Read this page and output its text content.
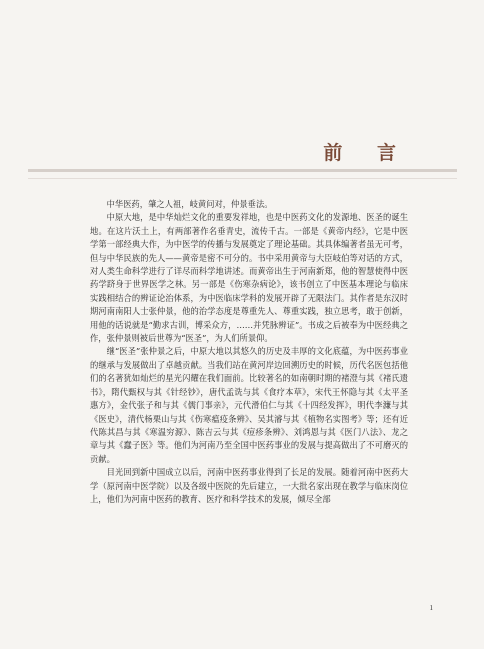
前 言

中华医药，肇之人祖，岐黄问对，仲景垂法。

中原大地，是中华灿烂文化的重要发祥地，也是中医药文化的发源地、医圣的诞生地。在这片沃土上，有两部著作名垂青史，流传千古。一部是《黄帝内经》，它是中医学第一部经典大作，为中医学的传播与发展奠定了理论基础。其具体编著者虽无可考，但与中华民族的先人——黄帝是密不可分的。书中采用黄帝与大臣岐伯等对话的方式，对人类生命科学进行了详尽而科学地讲述。而黄帝出生于河南新郑，他的智慧使得中医药学跻身于世界医学之林。另一部是《伤寒杂病论》，该书创立了中医基本理论与临床实践相结合的辨证论治体系，为中医临床学科的发展开辟了无限法门。其作者是东汉时期河南南阳人士张仲景，他的治学态度是尊重先人、尊重实践，独立思考，敢于创新，用他的话说就是“勤求古训，博采众方，……并凭脉辨证”。书成之后被奉为中医经典之作，张仲景则被后世尊为“医圣”，为人们所景仰。

继“医圣”张仲景之后，中原大地以其悠久的历史及丰厚的文化底蕴，为中医药事业的继承与发展做出了卓越贡献。当我们站在黄河岸边回溯历史的时候，历代名医包括他们的名著犹如灿烂的星光闪耀在我们面前。比较著名的如南朝时期的褚澄与其《褚氏遗书》，隋代甄权与其《针经钞》，唐代孟诜与其《食疗本草》，宋代王怀隐与其《太平圣惠方》，金代张子和与其《儒门事亲》，元代滑伯仁与其《十四经发挥》，明代李濂与其《医史》，清代杨栗山与其《伤寒瘟疫条辨》、吴其濬与其《植物名实图考》等；还有近代陈其昌与其《寒温穷源》、陈吉云与其《痘疹条辨》、刘鸿恩与其《医门八法》、龙之章与其《蠢子医》等。他们为河南乃至全国中医药事业的发展与提高做出了不可磨灭的贡献。

目光回到新中国成立以后，河南中医药事业得到了长足的发展。随着河南中医药大学（原河南中医学院）以及各级中医院的先后建立，一大批名家出现在教学与临床岗位上，他们为河南中医药的教育、医疗和科学技术的发展，倾尽全部

1
